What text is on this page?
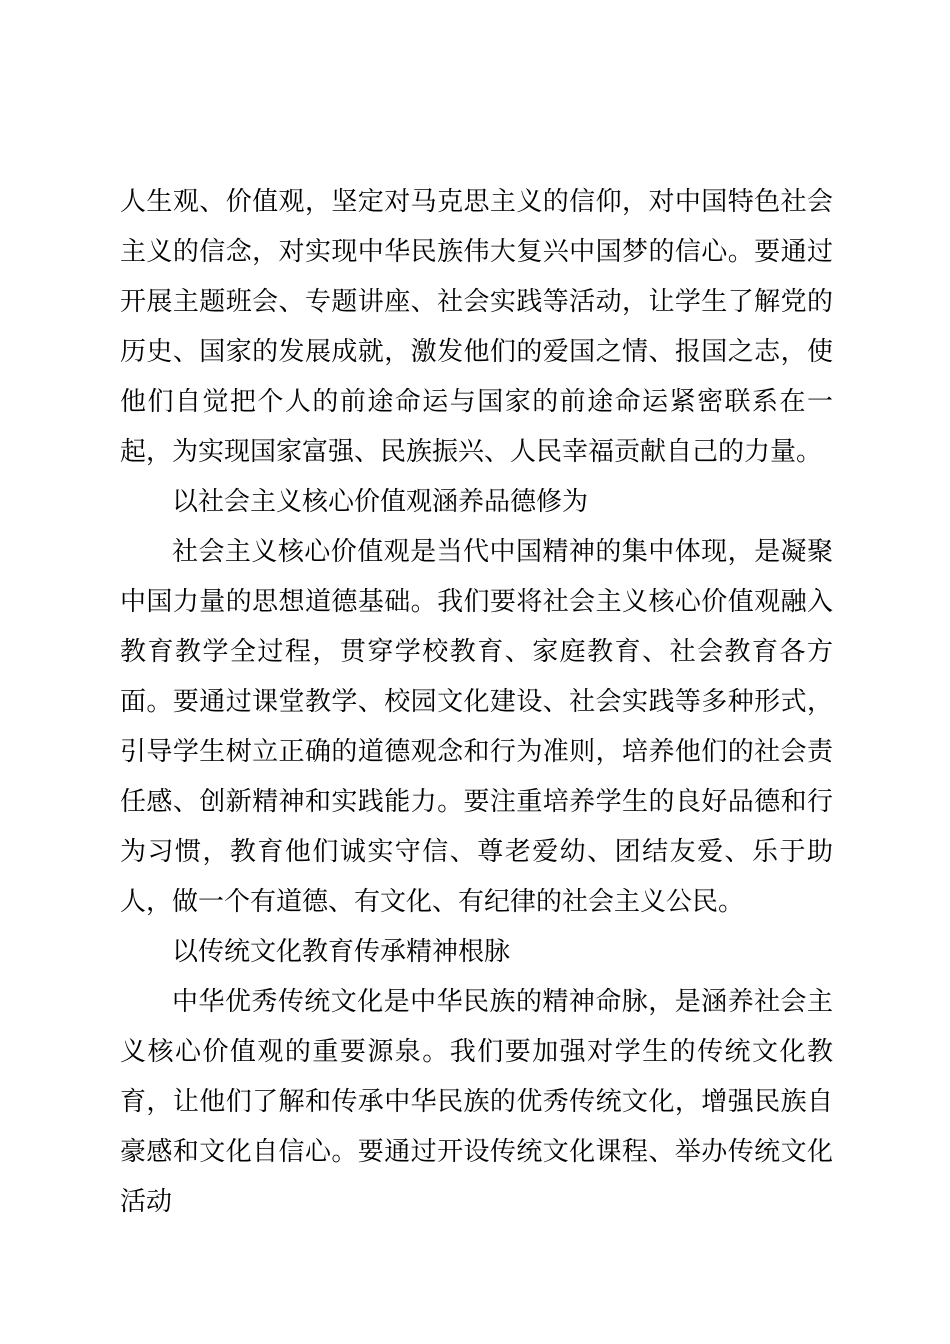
人生观、价值观，坚定对马克思主义的信仰，对中国特色社会主义的信念，对实现中华民族伟大复兴中国梦的信心。要通过开展主题班会、专题讲座、社会实践等活动，让学生了解党的历史、国家的发展成就，激发他们的爱国之情、报国之志，使他们自觉把个人的前途命运与国家的前途命运紧密联系在一起，为实现国家富强、民族振兴、人民幸福贡献自己的力量。

以社会主义核心价值观涵养品德修为

社会主义核心价值观是当代中国精神的集中体现，是凝聚中国力量的思想道德基础。我们要将社会主义核心价值观融入教育教学全过程，贯穿学校教育、家庭教育、社会教育各方面。要通过课堂教学、校园文化建设、社会实践等多种形式，引导学生树立正确的道德观念和行为准则，培养他们的社会责任感、创新精神和实践能力。要注重培养学生的良好品德和行为习惯，教育他们诚实守信、尊老爱幼、团结友爱、乐于助人，做一个有道德、有文化、有纪律的社会主义公民。

以传统文化教育传承精神根脉

中华优秀传统文化是中华民族的精神命脉，是涵养社会主义核心价值观的重要源泉。我们要加强对学生的传统文化教育，让他们了解和传承中华民族的优秀传统文化，增强民族自豪感和文化自信心。要通过开设传统文化课程、举办传统文化活动
